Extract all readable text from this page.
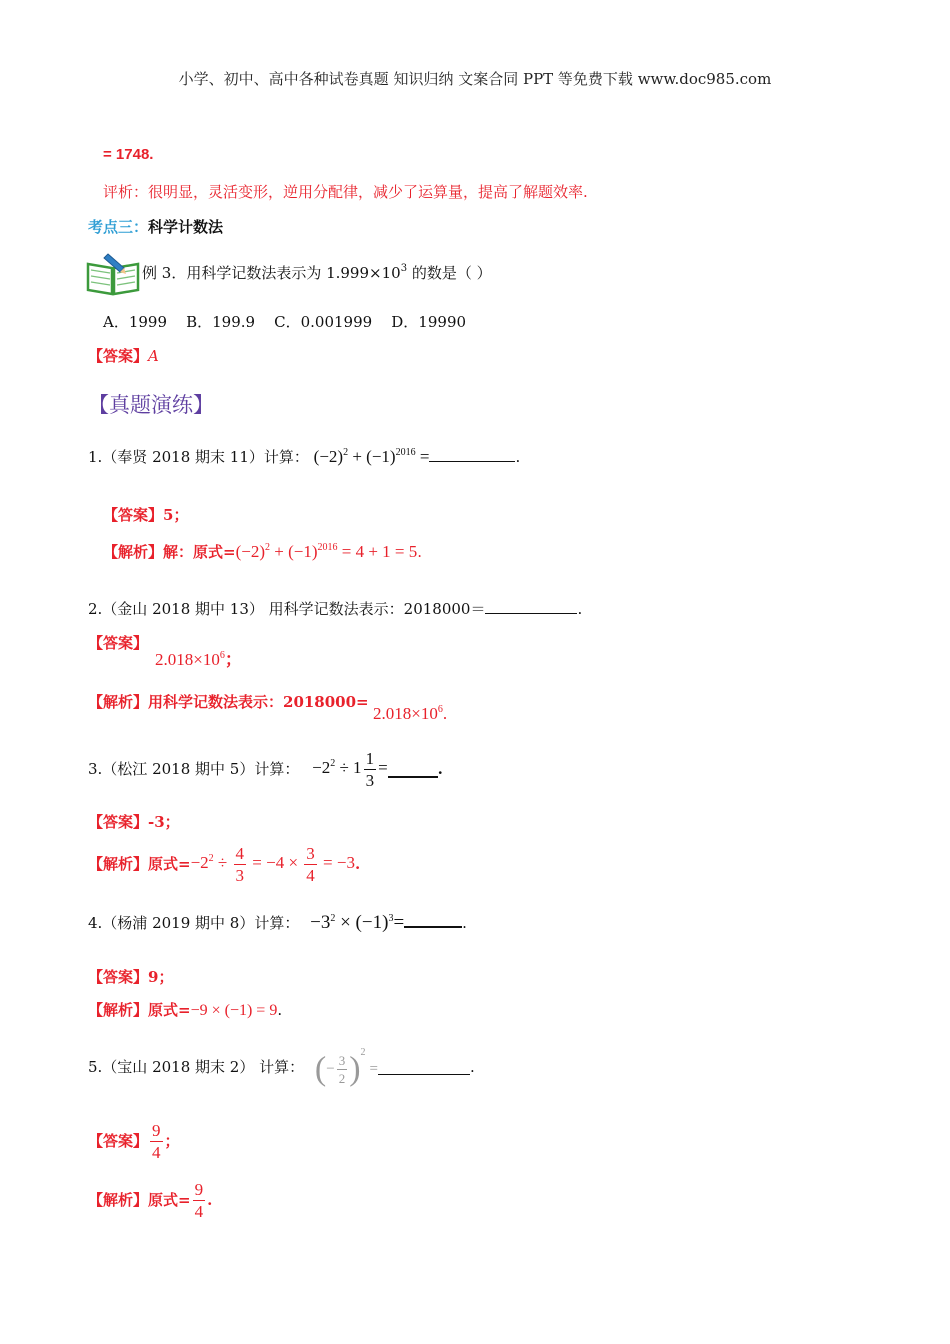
小学、初中、高中各种试卷真题 知识归纳 文案合同 PPT 等免费下载 www.doc985.com
= 1748.
评析：很明显，灵活变形，逆用分配律，减少了运算量，提高了解题效率.
考点三：科学计数法
例 3．用科学记数法表示为 $1.999\times 10^3$ 的数是（ ）
A．1999 B．199.9 C．0.001999 D．19990
【答案】A
【真题演练】
1.（奉贤 2018 期末 11）计算： $(-2)^2 + (-1)^{2016}$ =	.
【答案】5；
【解析】解：原式$=(-2)^2 + (-1)^{2016} = 4 + 1 = 5$.
2.（金山 2018 期中 13） 用科学记数法表示：2018000＝	.
【答案】
$2.018\times 10^6$；
【解析】用科学记数法表示：2018000=
$2.018\times 10^6$.
3.（松江 2018 期中 5）计算： $-2^2 \div 1 \frac{1}{3}$ =	.
【答案】-3；
【解析】原式$=-2^2 \div \frac{4}{3} = -4 \times \frac{3}{4} = -3$.
4.（杨浦 2019 期中 8）计算： $-3^2 \times (-1)^3=$	.
【答案】9；
【解析】原式=−9 × (−1) = 9.
5.（宝山 2018 期末 2） 计算： (− $\frac{3}{2} )^2=$	.
【答案】 $\frac{9}{4}$ ；
【解析】原式= $\frac{9}{4}$ .
